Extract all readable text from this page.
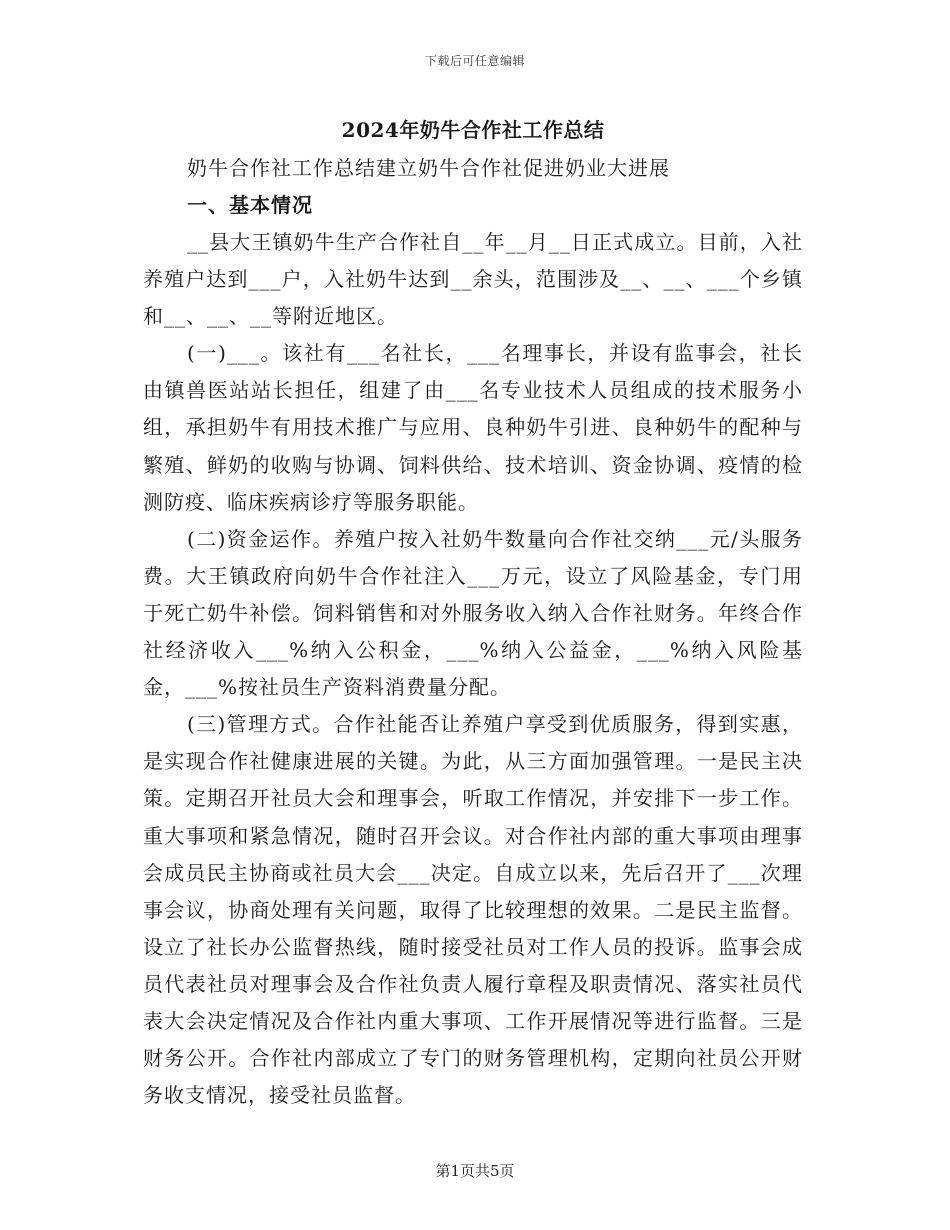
下载后可任意编辑
2024年奶牛合作社工作总结

奶牛合作社工作总结建立奶牛合作社促进奶业大进展

一、基本情况

__县大王镇奶牛生产合作社自__年__月__日正式成立。目前，入社养殖户达到___户，入社奶牛达到__余头，范围涉及__、__、___个乡镇和__、__、__等附近地区。

(一)___。该社有___名社长，___名理事长，并设有监事会，社长由镇兽医站站长担任，组建了由___名专业技术人员组成的技术服务小组，承担奶牛有用技术推广与应用、良种奶牛引进、良种奶牛的配种与繁殖、鲜奶的收购与协调、饲料供给、技术培训、资金协调、疫情的检测防疫、临床疾病诊疗等服务职能。

(二)资金运作。养殖户按入社奶牛数量向合作社交纳___元/头服务费。大王镇政府向奶牛合作社注入___万元，设立了风险基金，专门用于死亡奶牛补偿。饲料销售和对外服务收入纳入合作社财务。年终合作社经济收入___%纳入公积金，___%纳入公益金，___%纳入风险基金，___%按社员生产资料消费量分配。

(三)管理方式。合作社能否让养殖户享受到优质服务，得到实惠，是实现合作社健康进展的关键。为此，从三方面加强管理。一是民主决策。定期召开社员大会和理事会，听取工作情况，并安排下一步工作。重大事项和紧急情况，随时召开会议。对合作社内部的重大事项由理事会成员民主协商或社员大会___决定。自成立以来，先后召开了___次理事会议，协商处理有关问题，取得了比较理想的效果。二是民主监督。设立了社长办公监督热线，随时接受社员对工作人员的投诉。监事会成员代表社员对理事会及合作社负责人履行章程及职责情况、落实社员代表大会决定情况及合作社内重大事项、工作开展情况等进行监督。三是财务公开。合作社内部成立了专门的财务管理机构，定期向社员公开财务收支情况，接受社员监督。

第1页共5页
